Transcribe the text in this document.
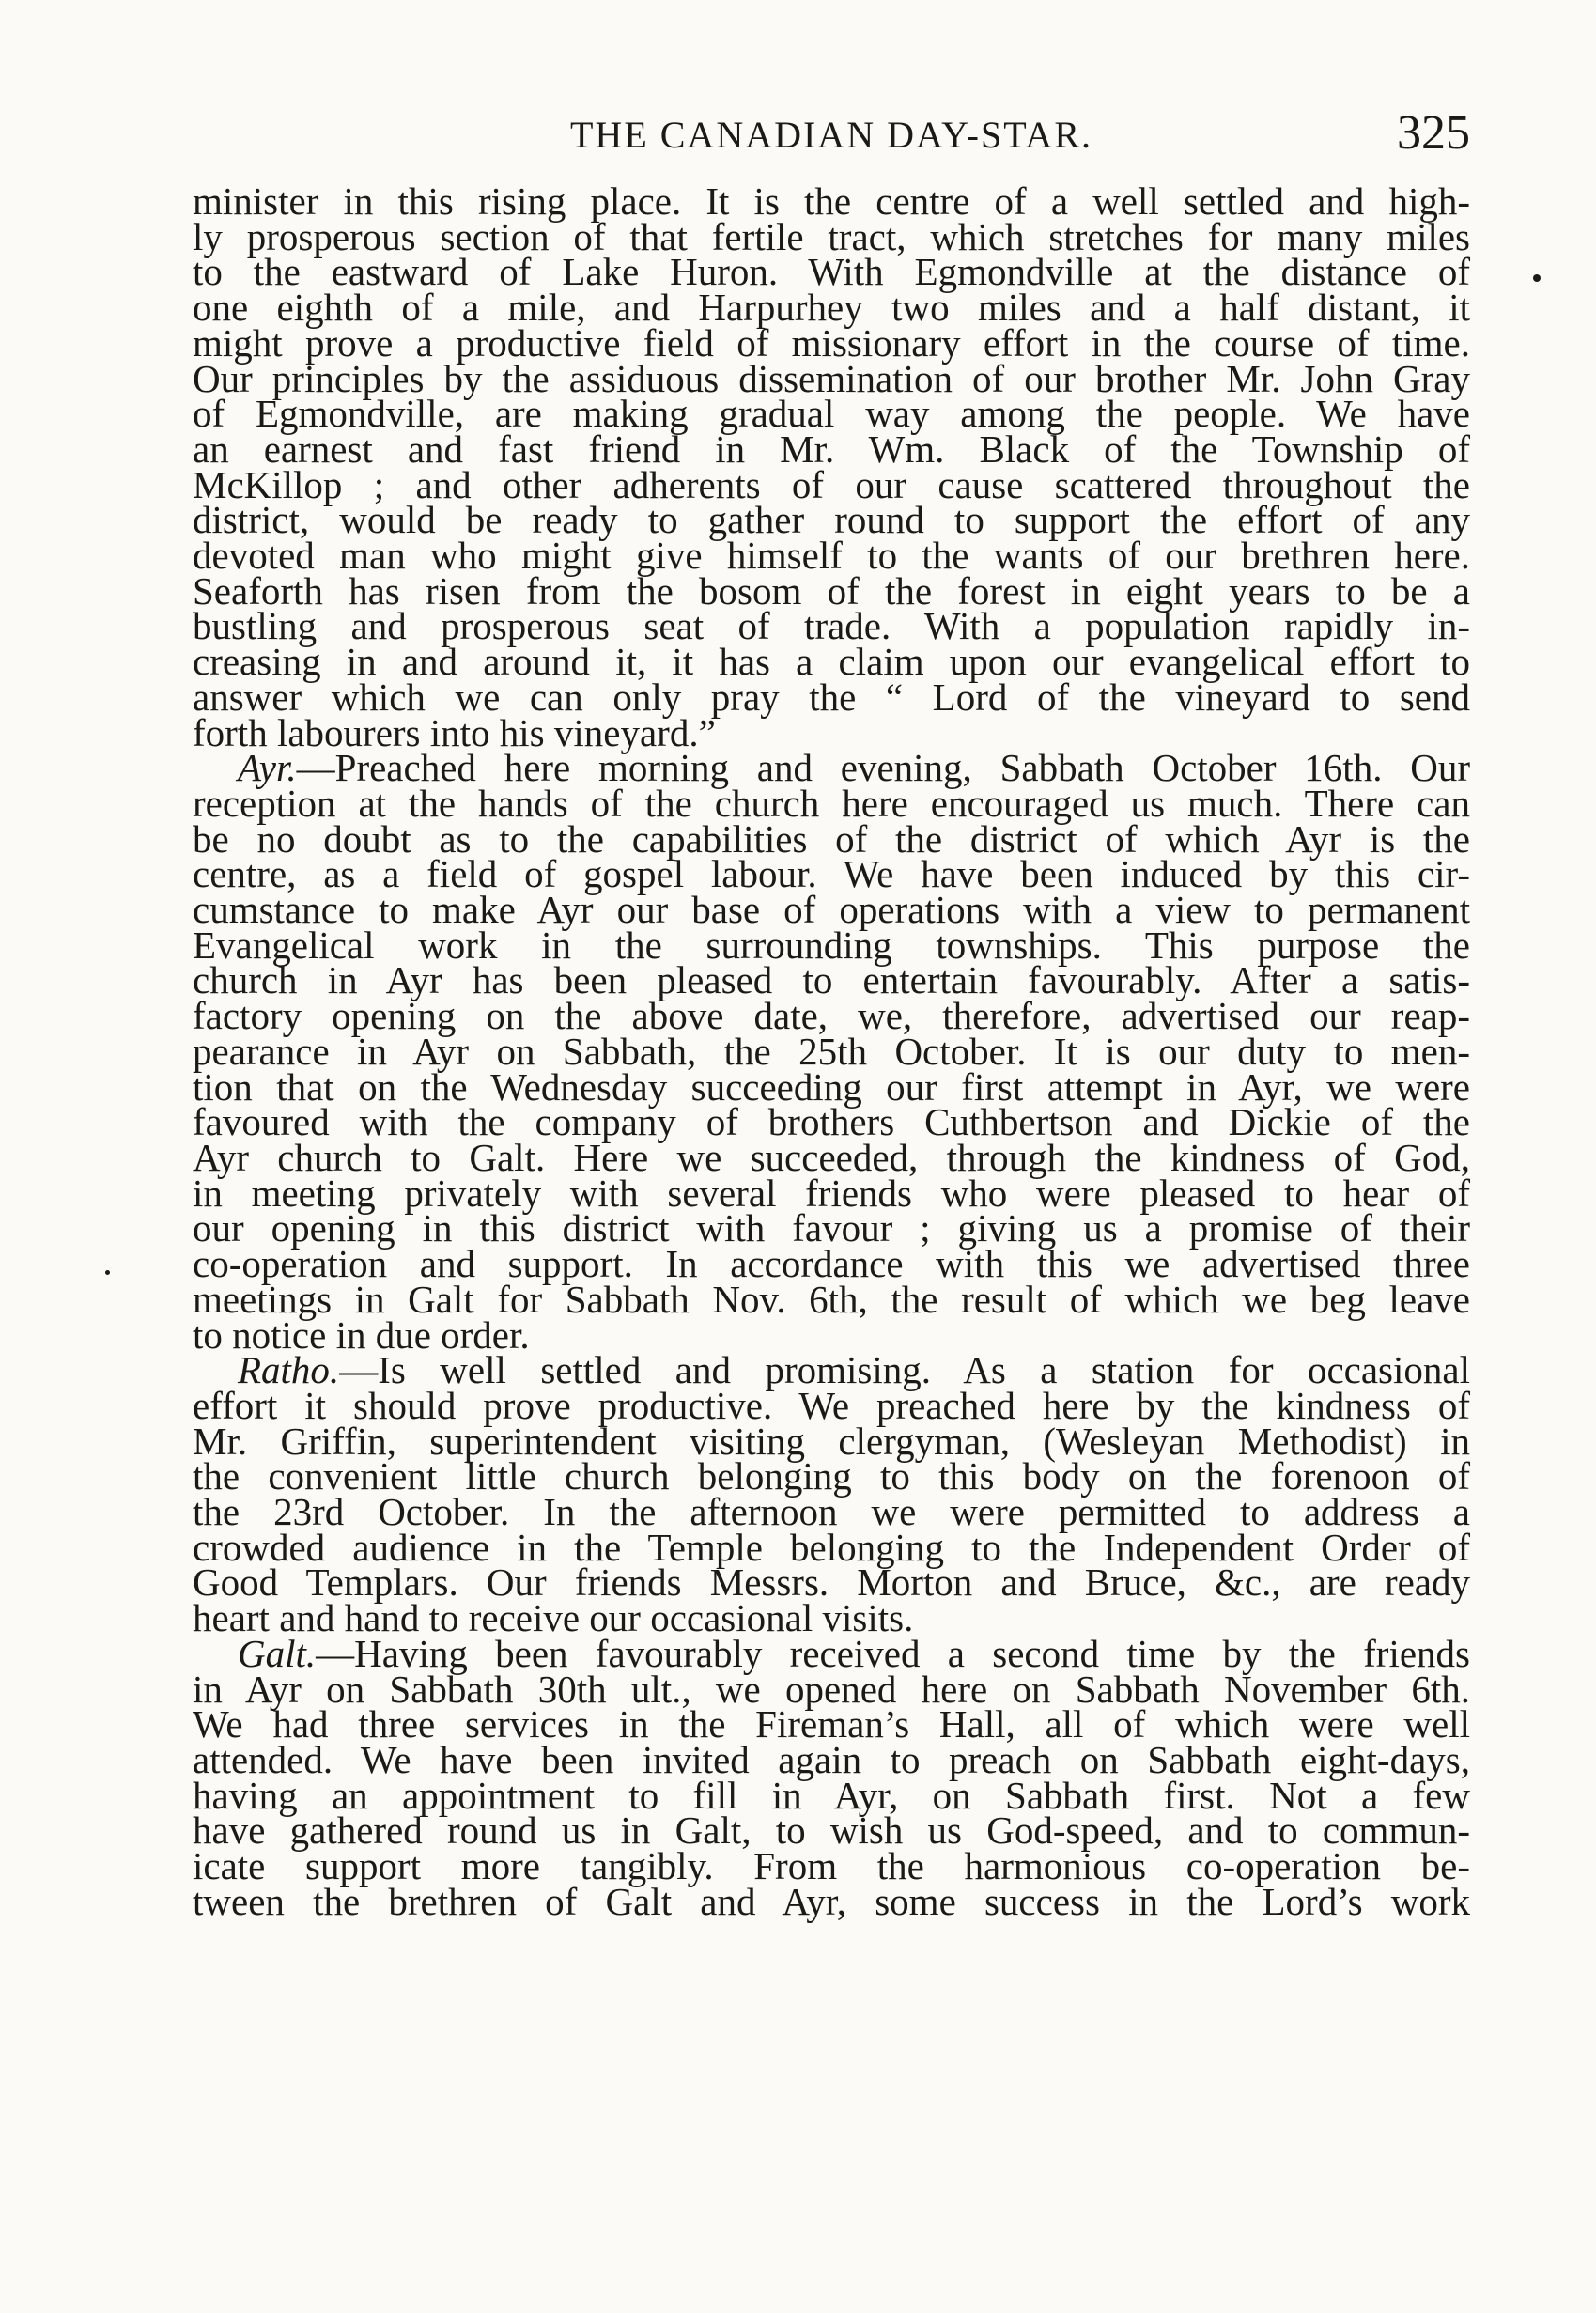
THE CANADIAN DAY-STAR.	325
minister in this rising place. It is the centre of a well settled and high-
ly prosperous section of that fertile tract, which stretches for many miles
to the eastward of Lake Huron. With Egmondville at the distance of
one eighth of a mile, and Harpurhey two miles and a half distant, it
might prove a productive field of missionary effort in the course of time.
Our principles by the assiduous dissemination of our brother Mr. John Gray
of Egmondville, are making gradual way among the people. We have
an earnest and fast friend in Mr. Wm. Black of the Township of
McKillop ; and other adherents of our cause scattered throughout the
district, would be ready to gather round to support the effort of any
devoted man who might give himself to the wants of our brethren here.
Seaforth has risen from the bosom of the forest in eight years to be a
bustling and prosperous seat of trade. With a population rapidly in-
creasing in and around it, it has a claim upon our evangelical effort to
answer which we can only pray the “ Lord of the vineyard to send
forth labourers into his vineyard.”
Ayr.—Preached here morning and evening, Sabbath October 16th. Our
reception at the hands of the church here encouraged us much. There can
be no doubt as to the capabilities of the district of which Ayr is the
centre, as a field of gospel labour. We have been induced by this cir-
cumstance to make Ayr our base of operations with a view to permanent
Evangelical work in the surrounding townships. This purpose the
church in Ayr has been pleased to entertain favourably. After a satis-
factory opening on the above date, we, therefore, advertised our reap-
pearance in Ayr on Sabbath, the 25th October. It is our duty to men-
tion that on the Wednesday succeeding our first attempt in Ayr, we were
favoured with the company of brothers Cuthbertson and Dickie of the
Ayr church to Galt. Here we succeeded, through the kindness of God,
in meeting privately with several friends who were pleased to hear of
our opening in this district with favour ; giving us a promise of their
co-operation and support. In accordance with this we advertised three
meetings in Galt for Sabbath Nov. 6th, the result of which we beg leave
to notice in due order.
Ratho.—Is well settled and promising. As a station for occasional
effort it should prove productive. We preached here by the kindness of
Mr. Griffin, superintendent visiting clergyman, (Wesleyan Methodist) in
the convenient little church belonging to this body on the forenoon of
the 23rd October. In the afternoon we were permitted to address a
crowded audience in the Temple belonging to the Independent Order of
Good Templars. Our friends Messrs. Morton and Bruce, &c., are ready
heart and hand to receive our occasional visits.
Galt.—Having been favourably received a second time by the friends
in Ayr on Sabbath 30th ult., we opened here on Sabbath November 6th.
We had three services in the Fireman’s Hall, all of which were well
attended. We have been invited again to preach on Sabbath eight-days,
having an appointment to fill in Ayr, on Sabbath first. Not a few
have gathered round us in Galt, to wish us God-speed, and to commun-
icate support more tangibly. From the harmonious co-operation be-
tween the brethren of Galt and Ayr, some success in the Lord’s work
